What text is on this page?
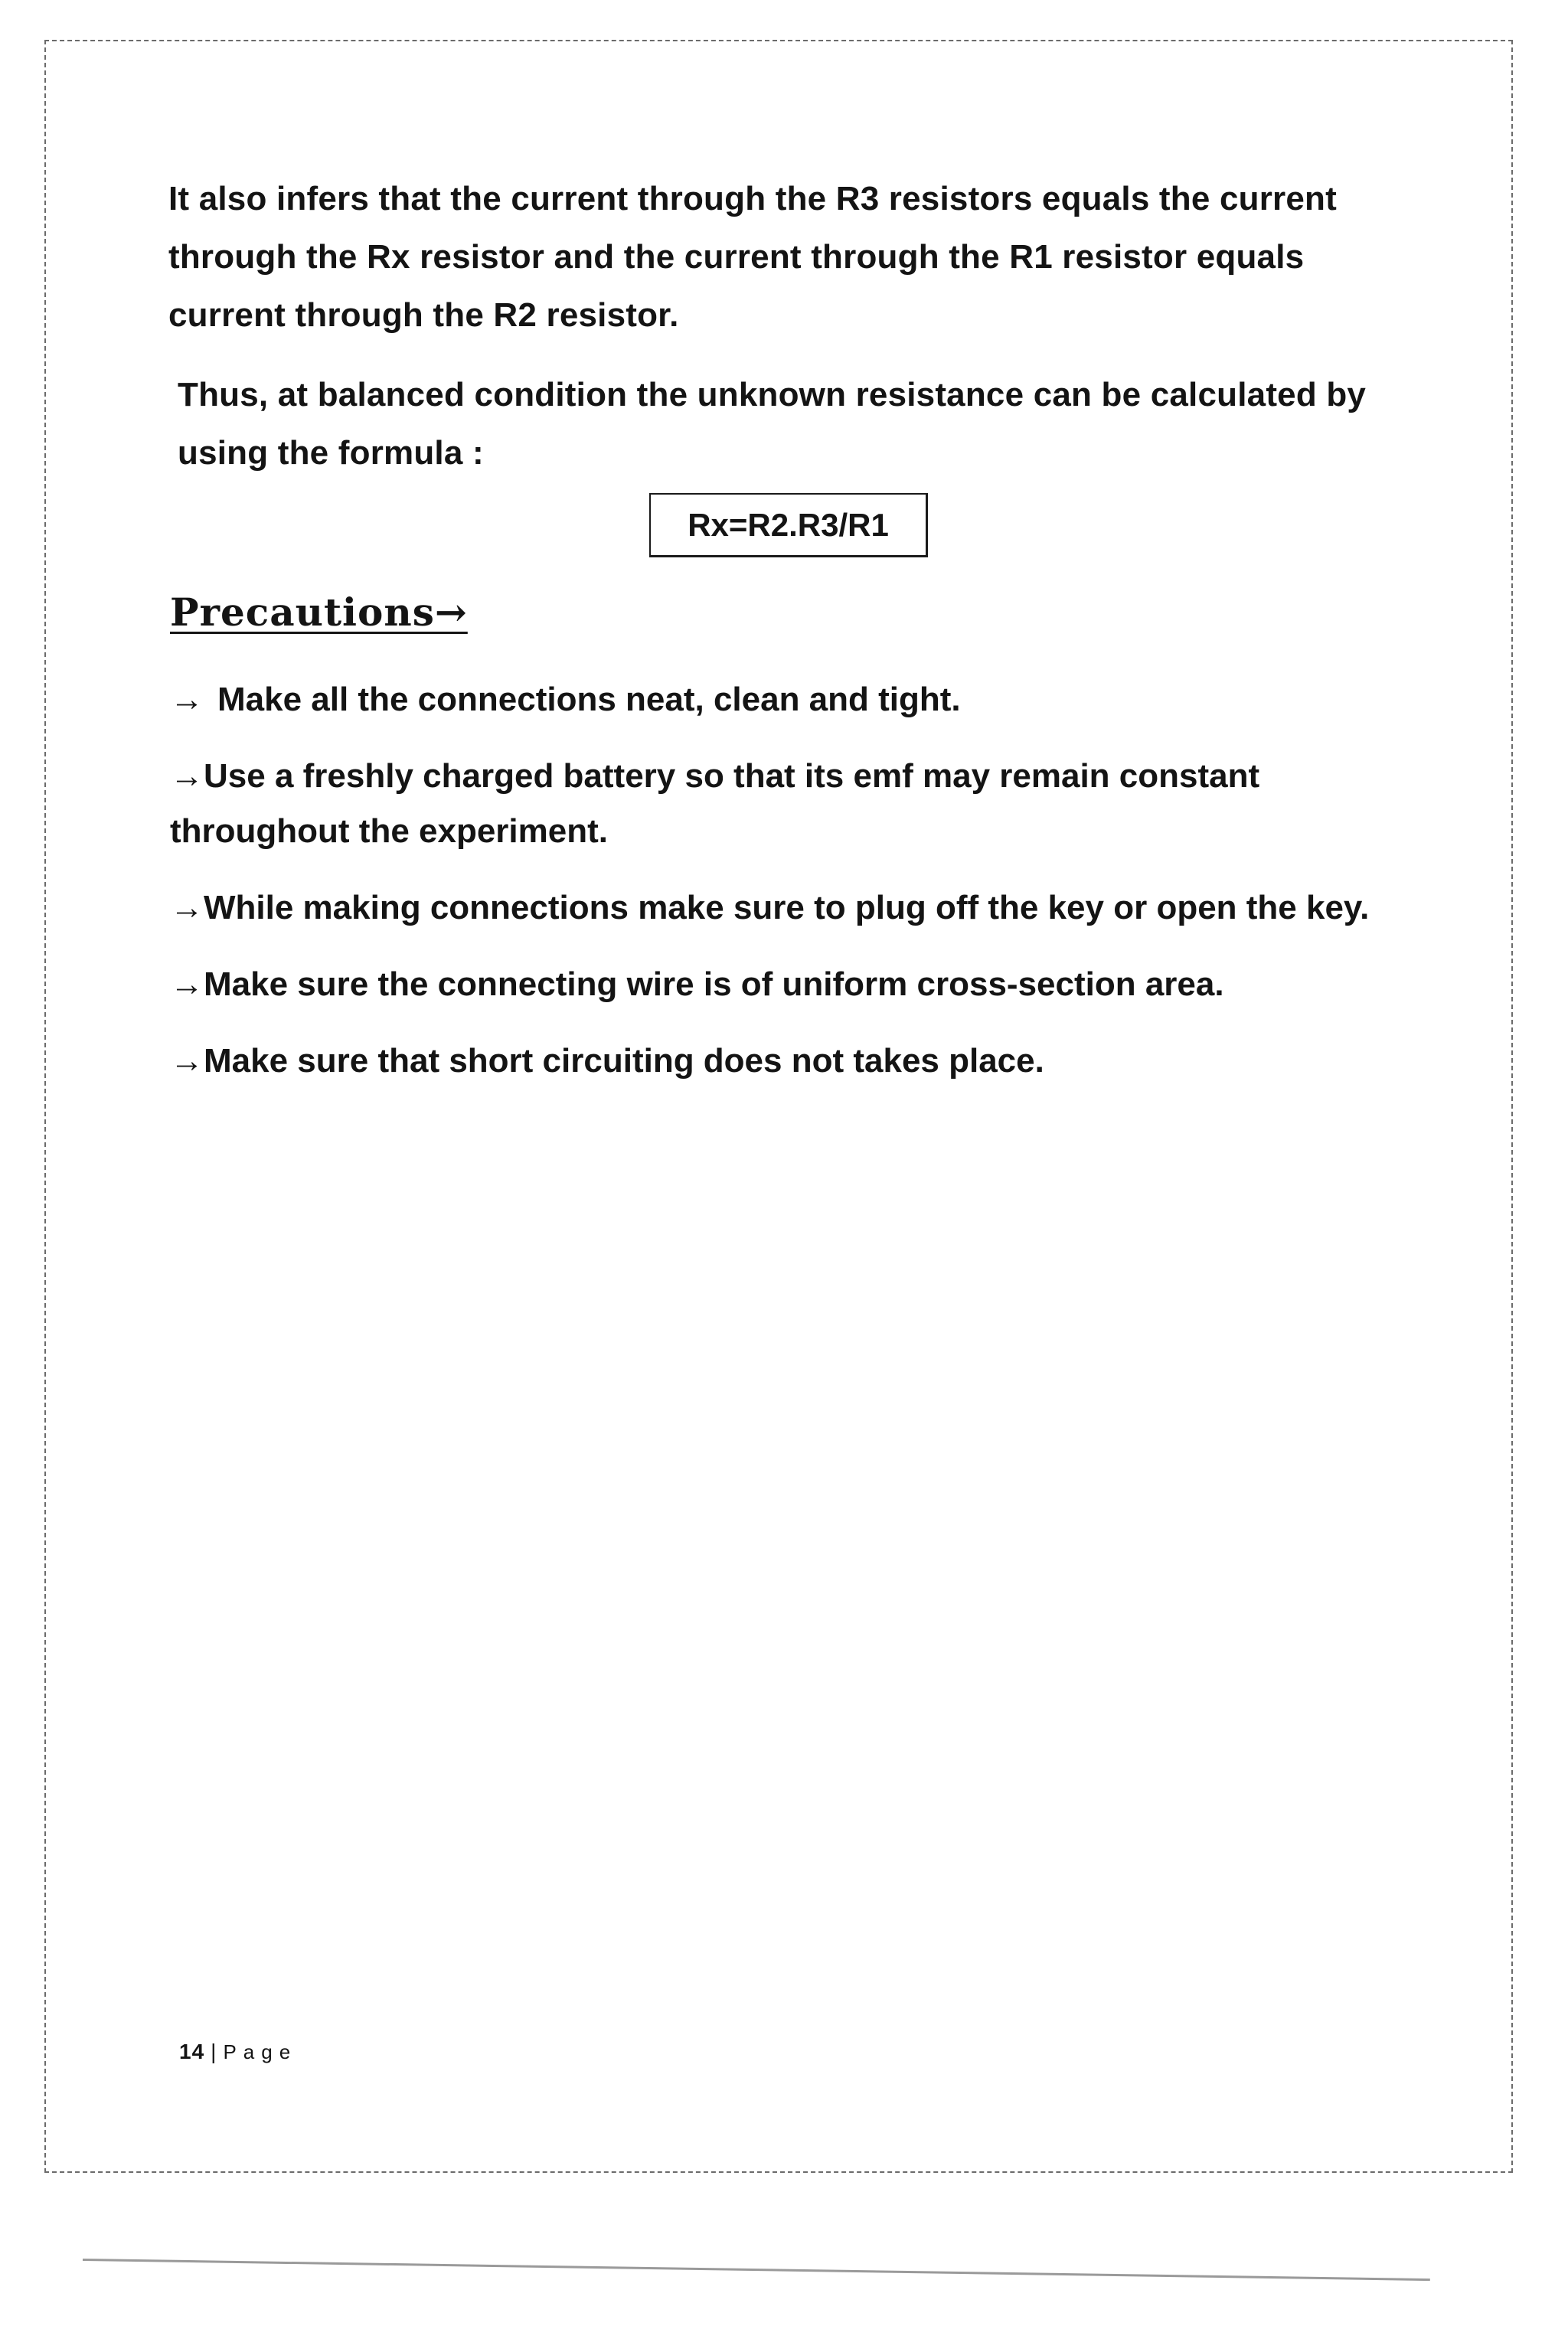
It also infers that the current through the R3 resistors equals the current through the Rx resistor and the current through the R1 resistor equals current through the R2 resistor.

Thus, at balanced condition the unknown resistance can be calculated by using the formula :

Rx=R2.R3/R1
Precautions→
→ Make all the connections neat, clean and tight.
→Use a freshly charged battery so that its emf may remain constant throughout the experiment.
→While making connections make sure to plug off the key or open the key.
→Make sure the connecting wire is of uniform cross-section area.
→Make sure that short circuiting does not takes place.
14 | Page
